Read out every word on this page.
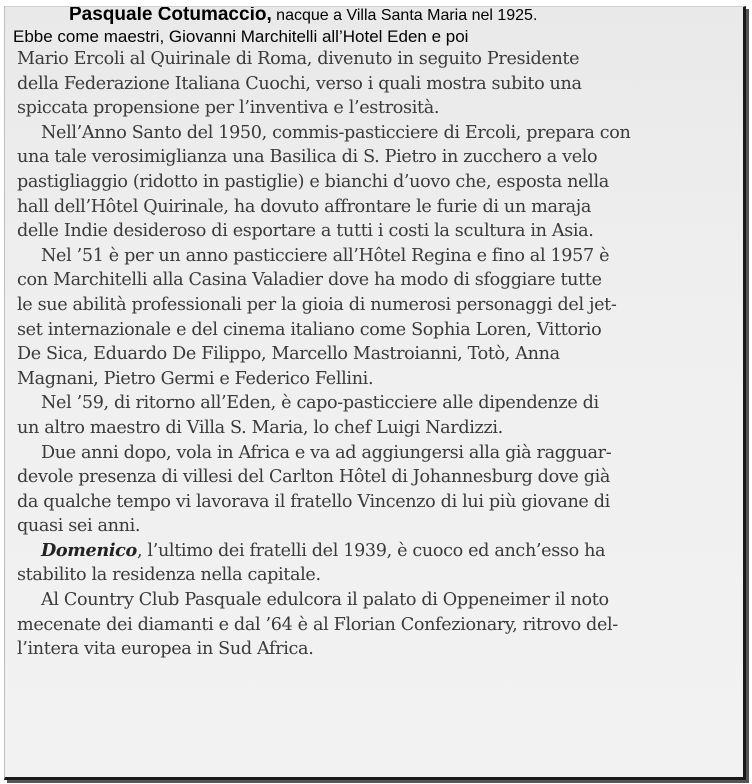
Pasquale Cotumaccio, nacque a Villa Santa Maria nel 1925.
Ebbe come maestri, Giovanni Marchitelli all’Hotel Eden e poi

Mario Ercoli al Quirinale di Roma, divenuto in seguito Presidente
della Federazione Italiana Cuochi, verso i quali mostra subito una
spiccata propensione per l’inventiva e l’estrosità.

Nell’Anno Santo del 1950, commis-pasticciere di Ercoli, prepara con
una tale verosimiglianza una Basilica di S. Pietro in zucchero a velo
pastigliaggio (ridotto in pastiglie) e bianchi d’uovo che, esposta nella
hall dell’Hôtel Quirinale, ha dovuto affrontare le furie di un maraja
delle Indie desideroso di esportare a tutti i costi la scultura in Asia.

Nel ’51 è per un anno pasticciere all’Hôtel Regina e fino al 1957 è
con Marchitelli alla Casina Valadier dove ha modo di sfoggiare tutte
le sue abilità professionali per la gioia di numerosi personaggi del jet-
set internazionale e del cinema italiano come Sophia Loren, Vittorio
De Sica, Eduardo De Filippo, Marcello Mastroianni, Totò, Anna
Magnani, Pietro Germi e Federico Fellini.

Nel ’59, di ritorno all’Eden, è capo-pasticciere alle dipendenze di
un altro maestro di Villa S. Maria, lo chef Luigi Nardizzi.

Due anni dopo, vola in Africa e va ad aggiungersi alla già ragguar-
devole presenza di villesi del Carlton Hôtel di Johannesburg dove già
da qualche tempo vi lavorava il fratello Vincenzo di lui più giovane di
quasi sei anni.

Domenico, l’ultimo dei fratelli del 1939, è cuoco ed anch’esso ha
stabilito la residenza nella capitale.

Al Country Club Pasquale edulcora il palato di Oppeneimer il noto
mecenate dei diamanti e dal ’64 è al Florian Confezionary, ritrovo del-
l’intera vita europea in Sud Africa.
